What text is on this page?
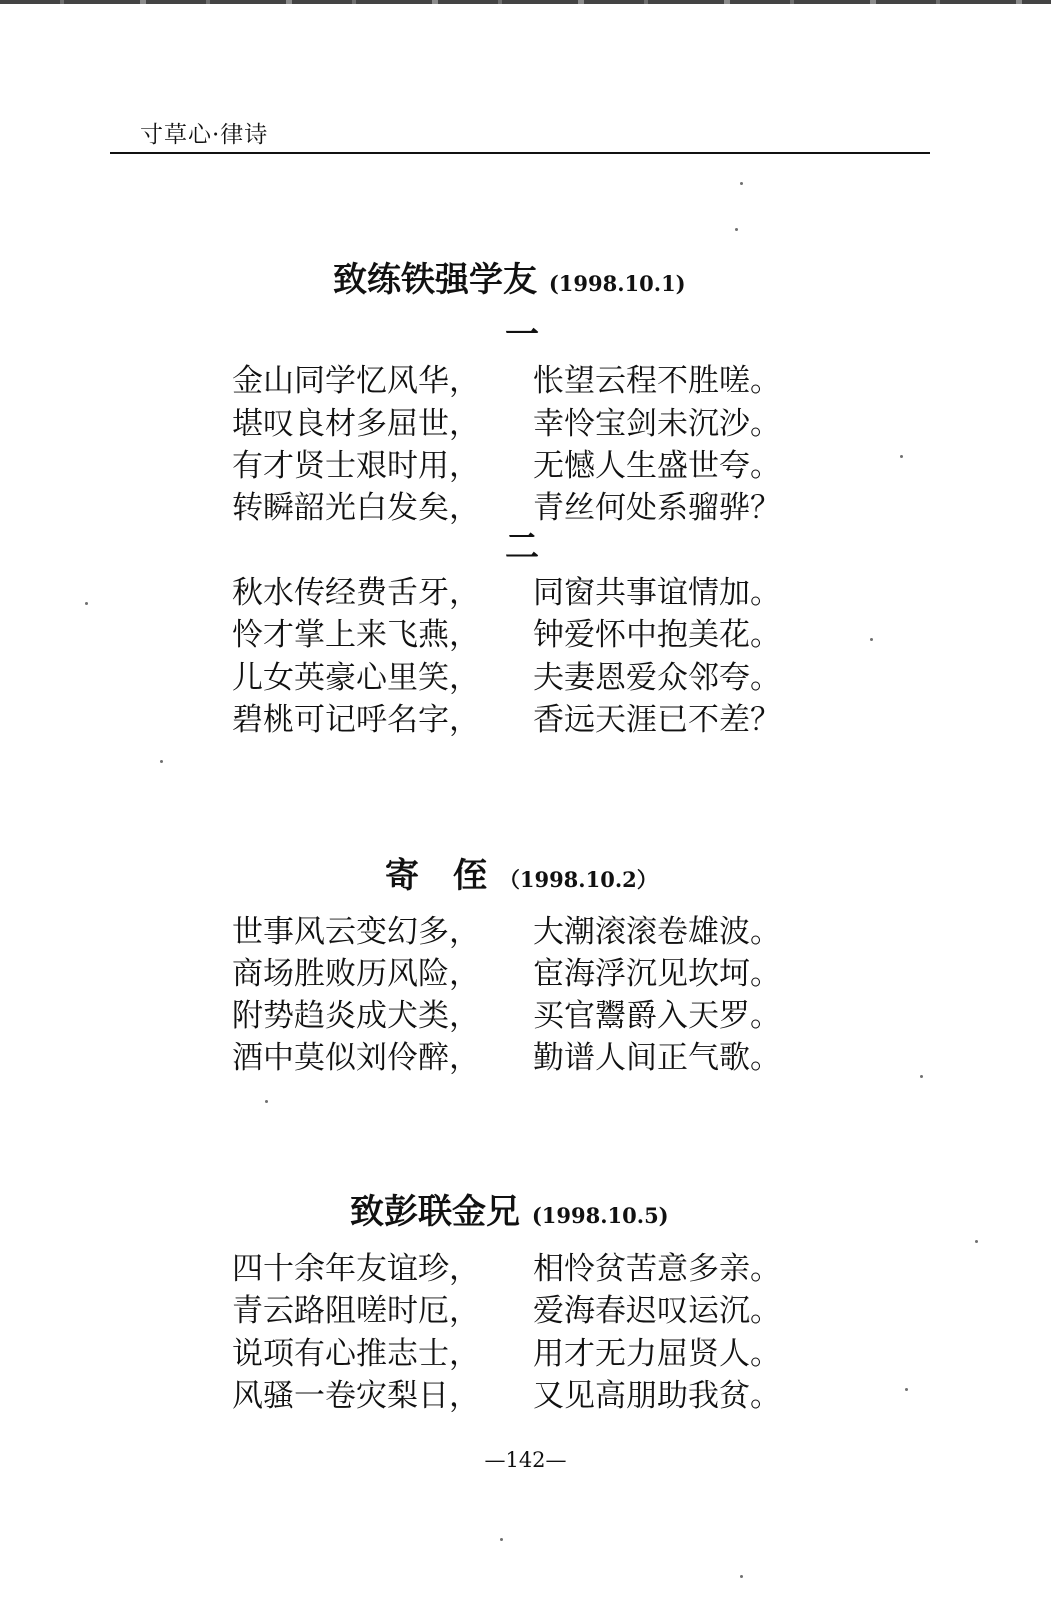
寸草心·律诗
致练铁强学友 (1998.10.1)
一
金山同学忆风华， 怅望云程不胜嗟。
堪叹良材多屈世， 幸怜宝剑未沉沙。
有才贤士艰时用， 无憾人生盛世夸。
转瞬韶光白发矣， 青丝何处系骝骅？
二
秋水传经费舌牙， 同窗共事谊情加。
怜才掌上来飞燕， 钟爱怀中抱美花。
儿女英豪心里笑， 夫妻恩爱众邻夸。
碧桃可记呼名字， 香远天涯已不差？
寄　侄 （1998.10.2）
世事风云变幻多， 大潮滚滚卷雄波。
商场胜败历风险， 宦海浮沉见坎坷。
附势趋炎成犬类， 买官鬻爵入天罗。
酒中莫似刘伶醉， 勤谱人间正气歌。
致彭联金兄 (1998.10.5)
四十余年友谊珍， 相怜贫苦意多亲。
青云路阻嗟时厄， 爱海春迟叹运沉。
说项有心推志士， 用才无力屈贤人。
风骚一卷灾梨日， 又见高朋助我贫。
—142—
